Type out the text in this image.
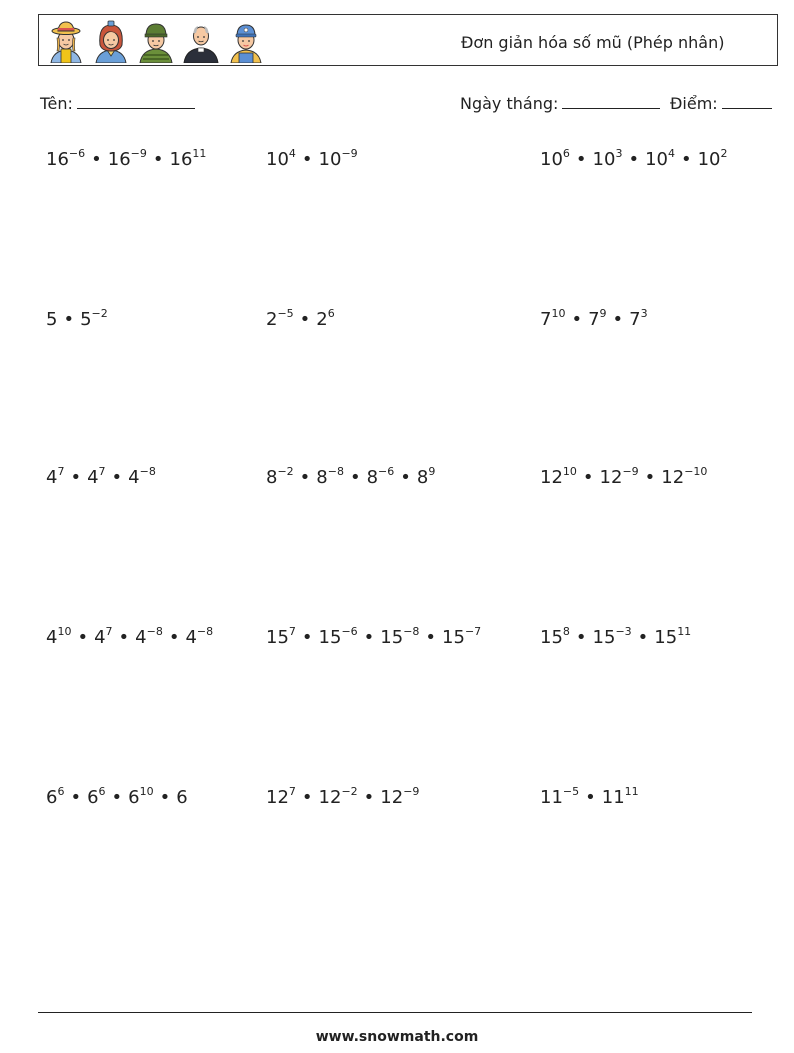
Đơn giản hóa số mũ (Phép nhân)
Tên:	Ngày tháng:	Điểm:
$16^{-6}$ • $16^{-9}$ • $16^{11}$	$10^4$ • $10^{-9}$	$10^6$ • $10^3$ • $10^4$ • $10^2$
5 • $5^{-2}$	$2^{-5}$ • $2^6$	$7^{10}$ • $7^9$ • $7^3$
$4^7$ • $4^7$ • $4^{-8}$	$8^{-2}$ • $8^{-8}$ • $8^{-6}$ • $8^9$	$12^{10}$ • $12^{-9}$ • $12^{-10}$
$4^{10}$ • $4^7$ • $4^{-8}$ • $4^{-8}$	$15^7$ • $15^{-6}$ • $15^{-8}$ • $15^{-7}$	$15^8$ • $15^{-3}$ • $15^{11}$
$6^6$ • $6^6$ • $6^{10}$ • 6	$12^7$ • $12^{-2}$ • $12^{-9}$	$11^{-5}$ • $11^{11}$
www.snowmath.com
